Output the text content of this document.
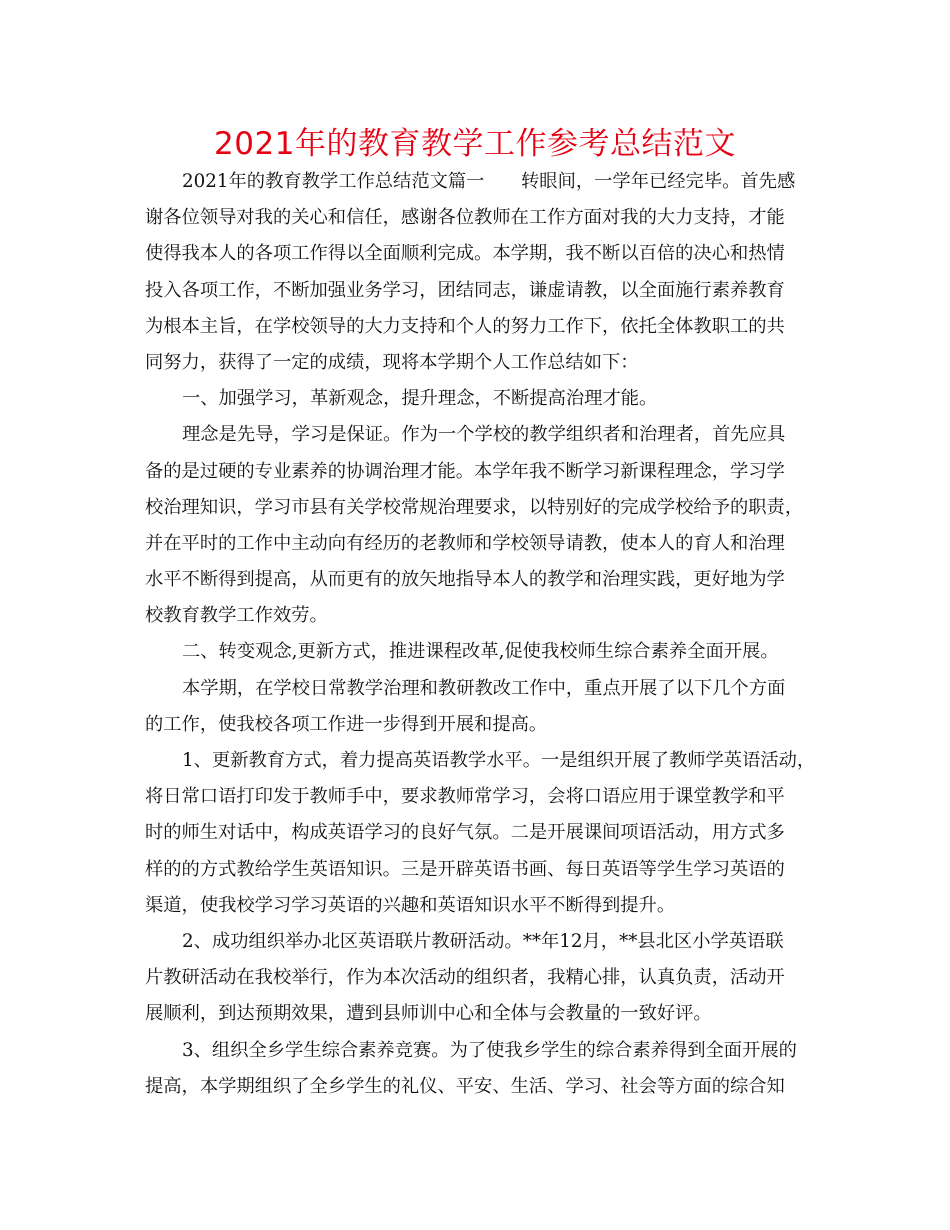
2021年的教育教学工作参考总结范文
2021年的教育教学工作总结范文篇一　　转眼间，一学年已经完毕。首先感
谢各位领导对我的关心和信任，感谢各位教师在工作方面对我的大力支持，才能
使得我本人的各项工作得以全面顺利完成。本学期，我不断以百倍的决心和热情
投入各项工作，不断加强业务学习，团结同志，谦虚请教，以全面施行素养教育
为根本主旨，在学校领导的大力支持和个人的努力工作下，依托全体教职工的共
同努力，获得了一定的成绩，现将本学期个人工作总结如下：
一、加强学习，革新观念，提升理念，不断提高治理才能。
理念是先导，学习是保证。作为一个学校的教学组织者和治理者，首先应具
备的是过硬的专业素养的协调治理才能。本学年我不断学习新课程理念，学习学
校治理知识，学习市县有关学校常规治理要求，以特别好的完成学校给予的职责，
并在平时的工作中主动向有经历的老教师和学校领导请教，使本人的育人和治理
水平不断得到提高，从而更有的放矢地指导本人的教学和治理实践，更好地为学
校教育教学工作效劳。
二、转变观念,更新方式，推进课程改革,促使我校师生综合素养全面开展。
本学期，在学校日常教学治理和教研教改工作中，重点开展了以下几个方面
的工作，使我校各项工作进一步得到开展和提高。
1、更新教育方式，着力提高英语教学水平。一是组织开展了教师学英语活动，
将日常口语打印发于教师手中，要求教师常学习，会将口语应用于课堂教学和平
时的师生对话中，构成英语学习的良好气氛。二是开展课间项语活动，用方式多
样的的方式教给学生英语知识。三是开辟英语书画、每日英语等学生学习英语的
渠道，使我校学习学习英语的兴趣和英语知识水平不断得到提升。
2、成功组织举办北区英语联片教研活动。**年12月，**县北区小学英语联
片教研活动在我校举行，作为本次活动的组织者，我精心排，认真负责，活动开
展顺利，到达预期效果，遭到县师训中心和全体与会教量的一致好评。
3、组织全乡学生综合素养竞赛。为了使我乡学生的综合素养得到全面开展的
提高，本学期组织了全乡学生的礼仪、平安、生活、学习、社会等方面的综合知
